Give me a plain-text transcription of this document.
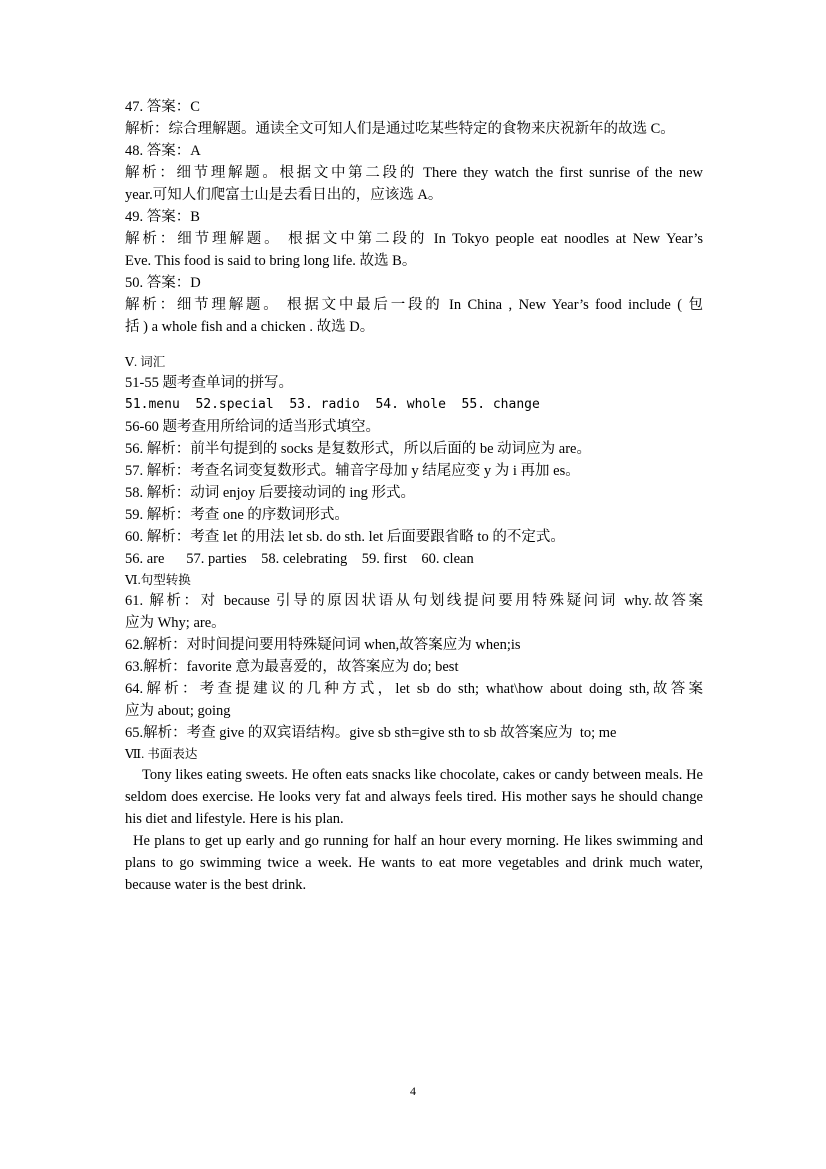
47. 答案：C
解析：综合理解题。通读全文可知人们是通过吃某些特定的食物来庆祝新年的故选 C。
48. 答案：A
解析：细节理解题。根据文中第二段的 There they watch the first sunrise of the new
year.可知人们爬富士山是去看日出的，应该选 A。
49. 答案：B
解析：细节理解题。 根据文中第二段的 In Tokyo people eat noodles at New Year’s
Eve. This food is said to bring long life. 故选 B。
50. 答案：D
解析：细节理解题。 根据文中最后一段的 In China , New Year’s food include ( 包
括 ) a whole fish and a chicken . 故选 D。
Ⅴ. 词汇
51-55 题考查单词的拼写。
51.menu  52.special  53. radio  54. whole  55. change
56-60 题考查用所给词的适当形式填空。
56. 解析：前半句提到的 socks 是复数形式，所以后面的 be 动词应为 are。
57. 解析：考查名词变复数形式。辅音字母加 y 结尾应变 y 为 i 再加 es。
58. 解析：动词 enjoy 后要接动词的 ing 形式。
59. 解析：考查 one 的序数词形式。
60. 解析：考查 let 的用法 let sb. do sth. let 后面要跟省略 to 的不定式。
56. are      57. parties    58. celebrating    59. first    60. clean
Ⅵ.句型转换
61. 解析：对 because 引导的原因状语从句划线提问要用特殊疑问词 why.故答案
应为 Why; are。
62.解析：对时间提问要用特殊疑问词 when,故答案应为 when;is
63.解析：favorite 意为最喜爱的，故答案应为 do; best
64.解析：考查提建议的几种方式，let sb do sth; what\how about doing sth,故答案
应为 about; going
65.解析：考查 give 的双宾语结构。give sb sth=give sth to sb 故答案应为  to; me
Ⅶ. 书面表达
Tony likes eating sweets. He often eats snacks like chocolate, cakes or candy between meals. He seldom does exercise. He looks very fat and always feels tired. His mother says he should change his diet and lifestyle. Here is his plan.
He plans to get up early and go running for half an hour every morning. He likes swimming and plans to go swimming twice a week. He wants to eat more vegetables and drink much water, because water is the best drink.
4
